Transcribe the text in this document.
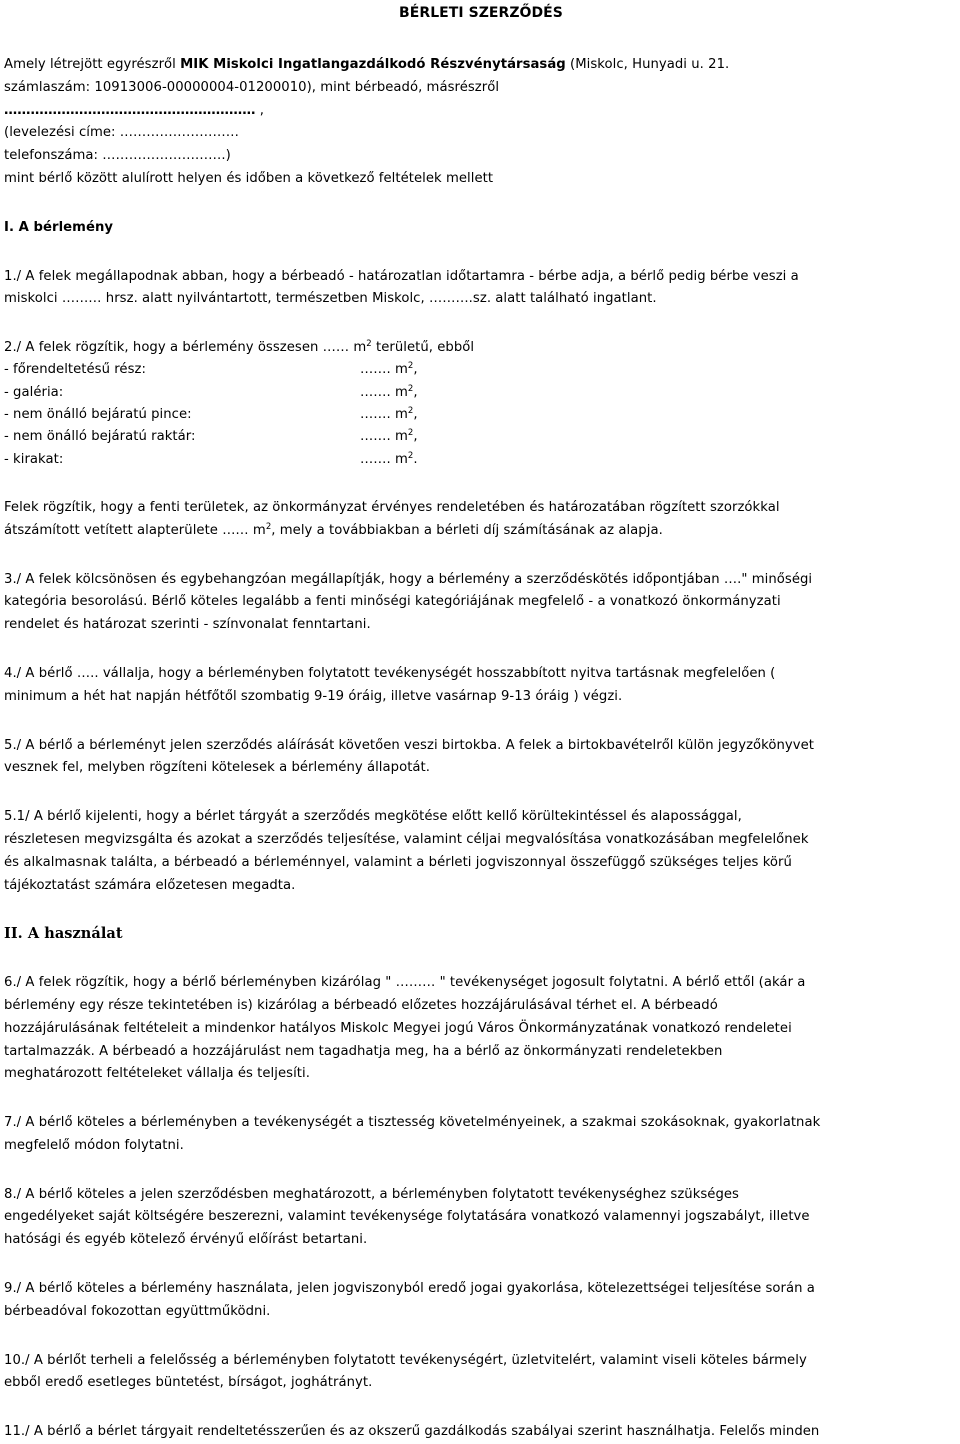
BÉRLETI SZERZŐDÉS

Amely létrejött egyrészről MIK Miskolci Ingatlangazdálkodó Részvénytársaság (Miskolc, Hunyadi u. 21.

számlaszám: 10913006-00000004-01200010), mint bérbeadó, másrészről

………………………………………………… ,

(levelezési címe: ………………………

telefonszáma: ……………………….)

mint bérlő között alulírott helyen és időben a következő feltételek mellett

I. A bérlemény

1./ A felek megállapodnak abban, hogy a bérbeadó - határozatlan időtartamra - bérbe adja, a bérlő pedig bérbe veszi a

miskolci ……… hrsz. alatt nyilvántartott, természetben Miskolc, ……….sz. alatt található ingatlant.

2./ A felek rögzítik, hogy a bérlemény összesen …… $m^2$ területű, ebből

- főrendeltetésű rész:	……. $m^2$,
- galéria:	……. $m^2$,
- nem önálló bejáratú pince:	……. $m^2$,
- nem önálló bejáratú raktár:	……. $m^2$,
- kirakat:	……. $m^2$.

Felek rögzítik, hogy a fenti területek, az önkormányzat érvényes rendeletében és határozatában rögzített szorzókkal

átszámított vetített alapterülete …… $m^2$, mely a továbbiakban a bérleti díj számításának az alapja.

3./ A felek kölcsönösen és egybehangzóan megállapítják, hogy a bérlemény a szerződéskötés időpontjában …." minőségi

kategória besorolású. Bérlő köteles legalább a fenti minőségi kategóriájának megfelelő - a vonatkozó önkormányzati

rendelet és határozat szerinti - színvonalat fenntartani.

4./ A bérlő ….. vállalja, hogy a bérleményben folytatott tevékenységét hosszabbított nyitva tartásnak megfelelően (

minimum a hét hat napján hétfőtől szombatig 9-19 óráig, illetve vasárnap 9-13 óráig ) végzi.

5./ A bérlő a bérleményt jelen szerződés aláírását követően veszi birtokba. A felek a birtokbavételről külön jegyzőkönyvet

vesznek fel, melyben rögzíteni kötelesek a bérlemény állapotát.

5.1/ A bérlő kijelenti, hogy a bérlet tárgyát a szerződés megkötése előtt kellő körültekintéssel és alapossággal,

részletesen megvizsgálta és azokat a szerződés teljesítése, valamint céljai megvalósítása vonatkozásában megfelelőnek

és alkalmasnak találta, a bérbeadó a bérleménnyel, valamint a bérleti jogviszonnyal összefüggő szükséges teljes körű

tájékoztatást számára előzetesen megadta.

II. A használat

6./ A felek rögzítik, hogy a bérlő bérleményben kizárólag " ……… " tevékenységet jogosult folytatni. A bérlő ettől (akár a

bérlemény egy része tekintetében is) kizárólag a bérbeadó előzetes hozzájárulásával térhet el. A bérbeadó

hozzájárulásának feltételeit a mindenkor hatályos Miskolc Megyei jogú Város Önkormányzatának vonatkozó rendeletei

tartalmazzák. A bérbeadó a hozzájárulást nem tagadhatja meg, ha a bérlő az önkormányzati rendeletekben

meghatározott feltételeket vállalja és teljesíti.

7./ A bérlő köteles a bérleményben a tevékenységét a tisztesség követelményeinek, a szakmai szokásoknak, gyakorlatnak

megfelelő módon folytatni.

8./ A bérlő köteles a jelen szerződésben meghatározott, a bérleményben folytatott tevékenységhez szükséges

engedélyeket saját költségére beszerezni, valamint tevékenysége folytatására vonatkozó valamennyi jogszabályt, illetve

hatósági és egyéb kötelező érvényű előírást betartani.

9./ A bérlő köteles a bérlemény használata, jelen jogviszonyból eredő jogai gyakorlása, kötelezettségei teljesítése során a

bérbeadóval fokozottan együttműködni.

10./ A bérlőt terheli a felelősség a bérleményben folytatott tevékenységért, üzletvitelért, valamint viseli köteles bármely

ebből eredő esetleges büntetést, bírságot, joghátrányt.

11./ A bérlő a bérlet tárgyait rendeltetésszerűen és az okszerű gazdálkodás szabályai szerint használhatja. Felelős minden
